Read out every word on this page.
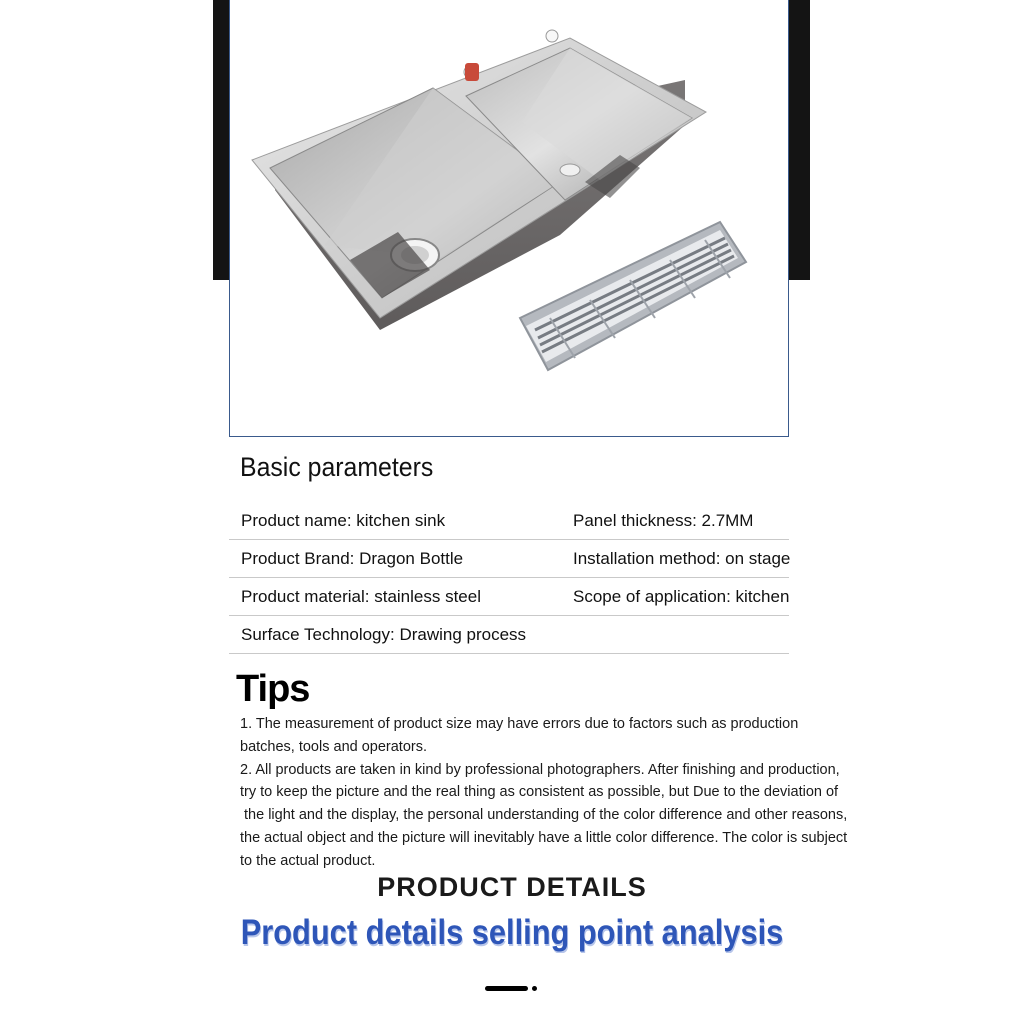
Basic parameters
Product name: kitchen sink	Panel thickness: 2.7MM
Product Brand: Dragon Bottle	Installation method: on stage
Product material: stainless steel	Scope of application: kitchen
Surface Technology: Drawing process
Tips
1. The measurement of product size may have errors due to factors such as production
batches, tools and operators.
2. All products are taken in kind by professional photographers. After finishing and production,
try to keep the picture and the real thing as consistent as possible, but Due to the deviation of
the light and the display, the personal understanding of the color difference and other reasons,
the actual object and the picture will inevitably have a little color difference. The color is subject
to the actual product.
PRODUCT DETAILS
Product details selling point analysis
